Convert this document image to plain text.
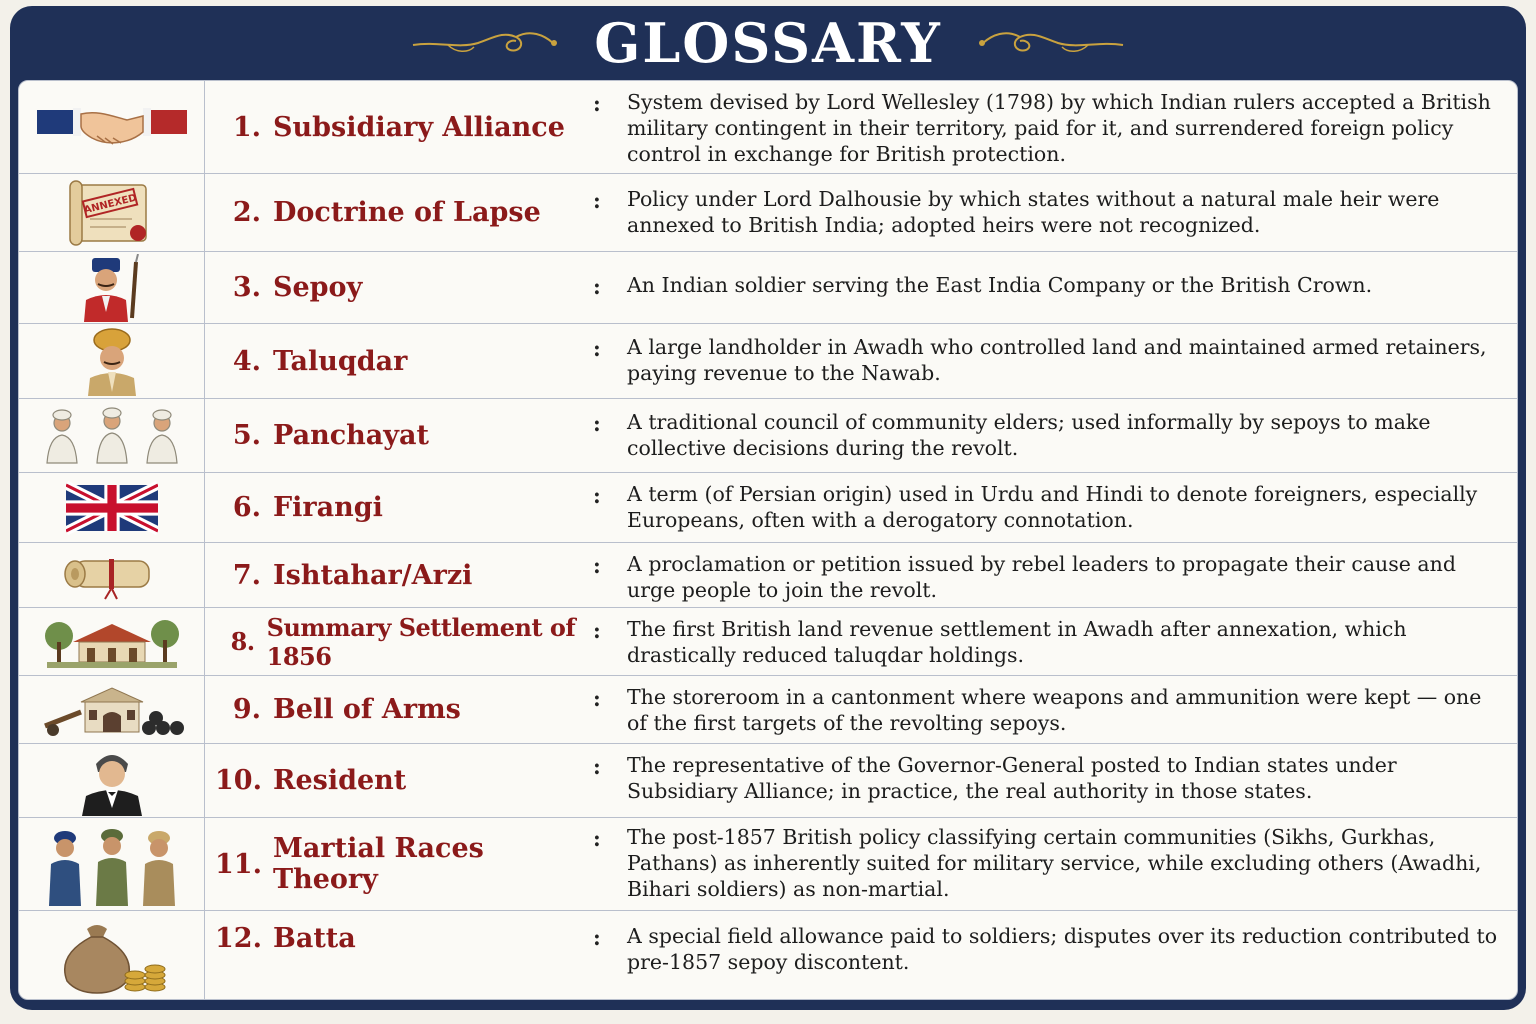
GLOSSARY
1. Subsidiary Alliance
: System devised by Lord Wellesley (1798) by which Indian rulers accepted a British military contingent in their territory, paid for it, and surrendered foreign policy control in exchange for British protection.
ANNEXED	2. Doctrine of Lapse : Policy under Lord Dalhousie by which states without a natural male heir were annexed to British India; adopted heirs were not recognized.
3. Sepoy	: An Indian soldier serving the East India Company or the British Crown.
4. Taluqdar	: A large landholder in Awadh who controlled land and maintained armed retainers, paying revenue to the Nawab.
5. Panchayat	: A traditional council of community elders; used informally by sepoys to make collective decisions during the revolt.
6. Firangi	: A term (of Persian origin) used in Urdu and Hindi to denote foreigners, especially Europeans, often with a derogatory connotation.
7. Ishtahar/Arzi	: A proclamation or petition issued by rebel leaders to propagate their cause and urge people to join the revolt.
8. Summary Settlement of 1856
: The first British land revenue settlement in Awadh after annexation, which drastically reduced taluqdar holdings.
9. Bell of Arms	: The storeroom in a cantonment where weapons and ammunition were kept — one of the first targets of the revolting sepoys.
10. Resident	: The representative of the Governor-General posted to Indian states under Subsidiary Alliance; in practice, the real authority in those states.
11. Martial Races Theory
: The post-1857 British policy classifying certain communities (Sikhs, Gurkhas, Pathans) as inherently suited for military service, while excluding others (Awadhi, Bihari soldiers) as non-martial.
12. Batta	: A special field allowance paid to soldiers; disputes over its reduction contributed to pre-1857 sepoy discontent.
